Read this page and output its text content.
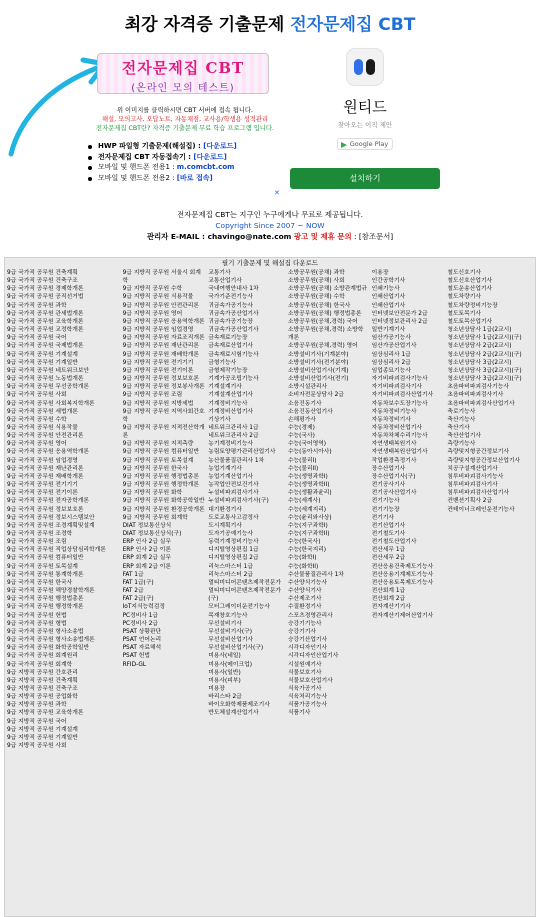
최강 자격증 기출문제 전자문제집 CBT
전자문제집 CBT
(온라인 모의 테스트)
위 이미지를 클릭하시면 CBT 서버에 접속 됩니다.
해설, 모의고사, 오답노트, 자동채점, 교사용/학생용 성적관리
전자문제집 CBT란? 자격증 기출문제 무료 학습 프로그램 입니다.
HWP 파일형 기출문제(해설집) : [다운로드]
전자문제집 CBT 자동접속기 : [다운로드]
모바일 및 핸드폰 전용1 : m.comcbt.com
모바일 및 핸드폰 전용2 : [바로 접속]
원티드
찾아오는 이직 제안
Google Play
설치하기
✕
전자문제집 CBT는 지구인 누구에게나 무료로 제공됩니다.
Copyright Since 2007 ~ NOW
관리자 E-MAIL : chavingo@nate.com 광고 및 제휴 문의 : [참조문서]
필기 기출문제 및 해설집 다운로드
9급 국가직 공무원 건축계획
9급 국가직 공무원 건축구조
9급 국가직 공무원 경제학개론
9급 국가직 공무원 공직선거법
9급 국가직 공무원 과학
9급 국가직 공무원 관세법개론
9급 국가직 공무원 교육학개론
9급 국가직 공무원 교정학개론
9급 국가직 공무원 국어
9급 국가직 공무원 국제법개론
9급 국가직 공무원 기계설계
9급 국가직 공무원 기계일반
9급 국가직 공무원 네트워크보안
9급 국가직 공무원 노동법개론
9급 국가직 공무원 무선공학개론
9급 국가직 공무원 사회
9급 국가직 공무원 사회복지학개론
9급 국가직 공무원 세법개론
9급 국가직 공무원 수학
9급 국가직 공무원 식용작물
9급 국가직 공무원 안전관리론
9급 국가직 공무원 영어
9급 국가직 공무원 응용역학개론
9급 국가직 공무원 임업경영
9급 국가직 공무원 재난관리론
9급 국가직 공무원 재배학개론
9급 국가직 공무원 전기기기
9급 국가직 공무원 전기이론
9급 국가직 공무원 전자공학개론
9급 국가직 공무원 정보보호론
9급 국가직 공무원 정보시스템보안
9급 국가직 공무원 조경계획및설계
9급 국가직 공무원 조경학
9급 국가직 공무원 조림
9급 국가직 공무원 직업상담심리학개론
9급 국가직 공무원 컴퓨터일반
9급 국가직 공무원 토목설계
9급 국가직 공무원 통계학개론
9급 국가직 공무원 한국사
9급 국가직 공무원 해양경찰학개론
9급 국가직 공무원 행정법총론
9급 국가직 공무원 행정학개론
9급 국가직 공무원 헌법
9급 국가직 공무원 형법
9급 국가직 공무원 형사소송법
9급 국가직 공무원 형사소송법개론
9급 국가직 공무원 화학공학일반
9급 국가직 공무원 회계원리
9급 국가직 공무원 회계학
9급 지방직 공무원 간호관리
9급 지방직 공무원 건축계획
9급 지방직 공무원 건축구조
9급 지방직 공무원 공업화학
9급 지방직 공무원 과학
9급 지방직 공무원 교육학개론
9급 지방직 공무원 국어
9급 지방직 공무원 기계설계
9급 지방직 공무원 기계일반
9급 지방직 공무원 사회
9급 지방직 공무원 서울시 회계학
9급 지방직 공무원 수학
9급 지방직 공무원 식용작물
9급 지방직 공무원 안전관리론
9급 지방직 공무원 영어
9급 지방직 공무원 응용역학개론
9급 지방직 공무원 임업경영
9급 지방직 공무원 자료조직개론
9급 지방직 공무원 재난관리론
9급 지방직 공무원 재배학개론
9급 지방직 공무원 전기기기
9급 지방직 공무원 전기이론
9급 지방직 공무원 정보보호론
9급 지방직 공무원 정보봉사개론
9급 지방직 공무원 조림
9급 지방직 공무원 지방세법
9급 지방직 공무원 지역사회간호학
9급 지방직 공무원 지적전산학개론
9급 지방직 공무원 지적측량
9급 지방직 공무원 컴퓨터일반
9급 지방직 공무원 토목설계
9급 지방직 공무원 한국사
9급 지방직 공무원 행정법총론
9급 지방직 공무원 행정학개론
9급 지방직 공무원 화학
9급 지방직 공무원 화학공학일반
9급 지방직 공무원 환경공학개론
9급 지방직 공무원 회계학
DIAT 정보통신상식
DIAT 정보통신상식(구)
ERP 인사 2급 실무
ERP 인사 2급 이론
ERP 회계 2급 실무
ERP 회계 2급 이론
FAT 1급
FAT 1급(구)
FAT 2급
FAT 2급(구)
IoT지식능력검정
PC정비사 1급
PC정비사 2급
PSAT 상황판단
PSAT 언어논리
PSAT 자료해석
PSAT 헌법
RFID-GL
교통기사
교통산업기사
국내여행안내사 1차
국가기준전기능사
귀금속가공기능사
귀금속가공산업기사
귀금속가공기능장
귀금속가공산업기사
금속재료기능장
금속재료산업기사
금속재료시험기능사
금형기능사
금형제작기능장
기계가공조립기능사
기계설계기사
기계설계산업기사
기계정비기능사
기계정비산업기사
기상기사
네트워크관리사 1급
네트워크관리사 2급
농기계정비기능사
농림토양평가관리산업기사
농산물품질관리사 1차
농업기계기사
농업기계산업기사
농작업안전보건기사
누설비파괴검사기사
누설비파괴검사기사(구)
대기환경기사
도로교통사고감정사
도시계획기사
도자기공예기능사
동력기계정비기능사
디지털영상편집 1급
디지털영상편집 2급
리눅스마스터 1급
리눅스마스터 2급
멀티미디어콘텐츠제작전문가
멀티미디어콘텐츠제작전문가(구)
모터그레이더운전기능사
목재창호기능사
무선설비기사
무선설비기사(구)
무선설비산업기사
무선설비산업기사(구)
미용사(네일)
미용사(메이크업)
미용사(일반)
미용사(피부)
미용장
바리스타 2급
바이오화학제품제조기사
반도체설계산업기사
소방공무원(공채) 과학
소방공무원(공채) 사회
소방공무원(공채) 소방관계법규
소방공무원(공채) 수학
소방공무원(공채) 한국사
소방공무원(공채) 행정법총론
소방공무원(공채,경력) 국어
소방공무원(공채,경력) 소방학개론
소방공무원(공채,경력) 영어
소방설비기사(기계분야)
소방설비기사(전기분야)
소방설비산업기사(기계)
소방설비산업기사(전기)
소방시설관리사
소비자전문상담사 2급
소음진동기사
소음진동산업기사
손해평가사
수능(경제)
수능(국사)
수능(국어영역)
수능(동아시아사)
수능(물리I)
수능(물리II)
수능(생명과학I)
수능(생명과학II)
수능(생활과윤리)
수능(세계사)
수능(세계지리)
수능(윤리와사상)
수능(지구과학I)
수능(지구과학II)
수능(한국사)
수능(한국지리)
수능(화학I)
수능(화학II)
수산물품질관리사 1차
수산양식기능사
수산양식기사
수산제조기사
수질환경기사
스포츠경영관리사
승강기기능사
승강기기사
승강기산업기사
시각디자인기사
시각디자인산업기사
시설원예기사
식물보호기사
식물보호산업기사
식육가공기사
식육처리기능사
식품가공기능사
식품기사
이용장
인간공학기사
인쇄기능사
인쇄산업기사
인쇄산업기사
인터넷보안전문가 2급
인터넷정보관리사 2급
일반기계기사
임산가공기능사
임산가공산업기사
임상심리사 1급
임상심리사 2급
임업종묘기능사
자기비파괴검사기능사
자기비파괴검사기사
자기비파괴검사산업기사
자동차보수도장기능사
자동차정비기능사
자동차정비기사
자동차정비산업기사
자동차차체수리기능사
자연생태복원기사
자연생태복원산업기사
작업환경측정기사
장수산업기사
장수산업기사(구)
전기공사기사
전기공사산업기사
전기기능사
전기기능장
전기기사
전기산업기사
전기철도기사
전기철도산업기사
전산세무 1급
전산세무 2급
전산응용건축제도기능사
전산응용기계제도기능사
전산응용토목제도기능사
전산회계 1급
전산회계 2급
전자계산기기사
전자계산기제어산업기사
철도신호기사
철도신호산업기사
철도운송산업기사
철도차량기사
철도차량정비기능장
철도토목기사
철도토목산업기사
청소년상담사 1급(2교시)
청소년상담사 1급(2교시)(구)
청소년상담사 2급(2교시)
청소년상담사 2급(2교시)(구)
청소년상담사 3급(2교시)
청소년상담사 3급(2교시)(구)
청소년상담사 3급(2교시)(구)
초음파비파괴검사기능사
초음파비파괴검사기사
초음파비파괴검사산업기사
축로기능사
축산기능사
축산기사
축산산업기사
측량기능사
측량및지형공간정보기사
측량및지형공간정보산업기사
치공구설계산업기사
침투비파괴검사기능사
침투비파괴검사기사
침투비파괴검사산업기사
컨벤션기획사 2급
컨테이너크레인운전기능사
